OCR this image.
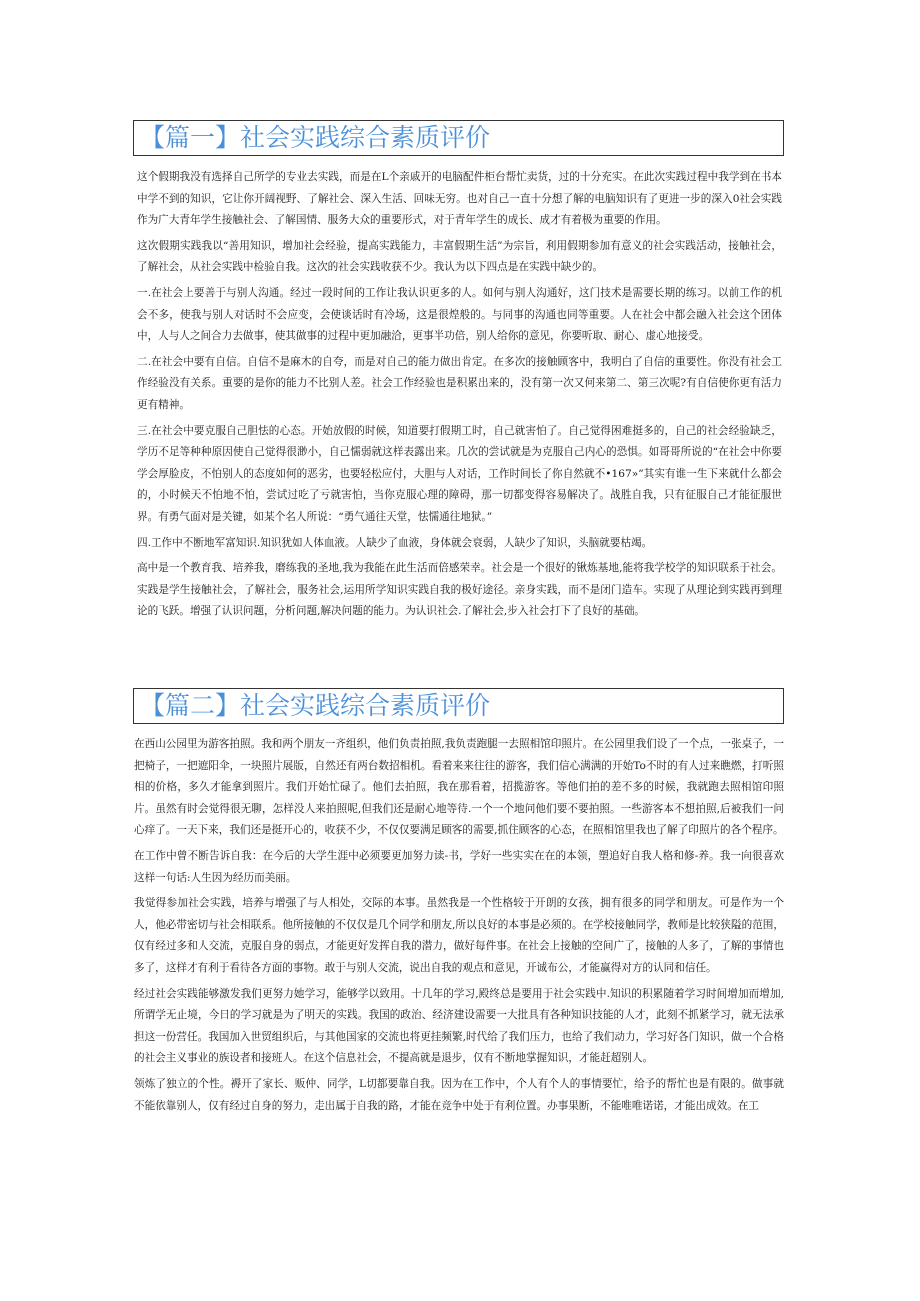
【篇一】社会实践综合素质评价

这个假期我没有选择自己所学的专业去实践，而是在L个亲戚开的电脑配件柜台帮忙卖货，过的十分充实。在此次实践过程中我学到在书本中学不到的知识，它让你开阔视野、了解社会、深入生活、回味无穷。也对自己一直十分想了解的电脑知识有了更进一步的深入0社会实践作为广大青年学生接触社会、了解国情、服务大众的重要形式，对于青年学生的成长、成才有着极为重要的作用。

这次假期实践我以“善用知识，增加社会经验，提高实践能力，丰富假期生活”为宗旨，利用假期参加有意义的社会实践活动，接触社会，了解社会，从社会实践中检验自我。这次的社会实践收获不少。我认为以下四点是在实践中缺少的。

一.在社会上要善于与别人沟通。经过一段时间的工作让我认识更多的人。如何与别人沟通好，这门技术是需要长期的练习。以前工作的机会不多，使我与别人对话时不会应变，会使谈话时有冷场，这是很煌般的。与同事的沟通也同等重要。人在社会中都会融入社会这个团体中，人与人之间合力去做事，使其做事的过程中更加融洽，更事半功倍，别人给你的意见，你要听取、耐心、虚心地接受。

二.在社会中要有自信。自信不是麻木的自夸，而是对自己的能力做出肯定。在多次的接触顾客中，我明白了自信的重要性。你没有社会工作经验没有关系。重要的是你的能力不比别人差。社会工作经验也是积累出来的，没有第一次又何来第二、第三次呢?有自信使你更有活力更有精神。

三.在社会中要克服自己胆怯的心态。开始放假的时候，知道要打假期工时，自己就害怕了。自己觉得困难挺多的，自己的社会经验缺乏，学历不足等种种原因使自己觉得很渺小，自己懦弱就这样表露出来。几次的尝试就是为克服自己内心的恐惧。如哥哥所说的“在社会中你要学会厚脸皮，不怕别人的态度如何的恶劣，也要轻松应付，大胆与人对话，工作时间长了你自然就不•167»”其实有谁一生下来就什么都会的，小时候天不怕地不怕，尝试过吃了亏就害怕，当你克服心理的障碍，那一切都变得容易解决了。战胜自我，只有征服自己才能征服世界。有勇气面对是关键，如某个名人所说：“勇气通往天堂，怯懦通往地狱。”

四.工作中不断地军富知识.知识犹如人体血液。人缺少了血液，身体就会衰弱，人缺少了知识，头脑就要枯竭。

高中是一个教育我、培养我，磨练我的圣地,我为我能在此生活而倍感荣幸。社会是一个很好的锹炼基地,能将我学校学的知识联系于社会。实践是学生接触社会，了解社会，服务社会,运用所学知识实践自我的极好途径。亲身实践，而不是闭门造车。实现了从理论到实践再到理论的飞跃。增强了认识问题，分析问题,解决问题的能力。为认识社会.了解社会,步入社会打下了良好的基础。

【篇二】社会实践综合素质评价

在西山公园里为游客拍照。我和两个朋友一齐组织，他们负责拍照,我负责跑腿一去照相馆印照片。在公园里我们设了一个点，一张桌子，一把椅子，一把遮阳伞，一块照片展版，自然还有两台数招相机。看着来来往往的游客，我们信心满满的开始To不时的有人过来瞧燃，打听照相的价格，多久才能拿到照片。我们开始忙碌了。他们去拍照，我在那看着，招揽游客。等他们拍的差不多的时候，我就跑去照相馆印照片。虽然有时会觉得很无聊，怎样没人来拍照呢,但我们还是耐心地等待.一个一个地问他们要不要拍照。一些游客本不想拍照,后被我们一问心痒了。一天下来，我们还是挺开心的，收获不少，不仅仅要满足顾客的需要,抓住顾客的心态，在照相馆里我也了解了印照片的各个程序。

在工作中曾不断告诉自我：在今后的大学生涯中必须要更加努力读-书，学好一些实实在在的本领，塑追好自我人格和修-养。我一向很喜欢这样一句话:人生因为经历而美丽。

我觉得参加社会实践，培养与增强了与人相处，交际的本事。虽然我是一个性格较于开朗的女孩，拥有很多的同学和朋友。可是作为一个人，他必带密切与社会相联系。他所接触的不仅仅是几个同学和朋友,所以良好的本事是必须的。在学校接触同学，教师是比较狭隘的范围，仅有经过多和人交流，克服自身的弱点，才能更好发挥自我的潜力，做好每件事。在社会上接触的空间广了，接触的人多了，了解的事情也多了，这样才有利于看待各方面的事物。敢于与别人交流，说出自我的观点和意见，开诚布公，才能赢得对方的认同和信任。

经过社会实践能够激发我们更努力她学习，能够学以致用。十几年的学习,殿终总是要用于社会实践中.知识的积累随着学习时间增加而增加,所谓学无止境，今日的学习就是为了明天的实践。我国的政治、经济建设需要一大批具有各种知识技能的人才，此刻不抓紧学习，就无法承担这一份营任。我国加入世贸组织后，与其他国家的交流也将更挂频繁,时代给了我们压力，也给了我们动力，学习好各门知识，做一个合格的社会主义事业的族设者和接班人。在这个信息社会，不提高就是退步，仅有不断地掌握知识，才能赶超别人。

领炼了独立的个性。褥开了家长、贩仲、同学，L切都要靠自我。因为在工作中，个人有个人的事情要忙，给予的帮忙也是有限的。做事就不能依靠别人，仅有经过自身的努力，走出属于自我的路，才能在竞争中处于有利位置。办事果断，不能唯唯诺诺，才能出成效。在工
